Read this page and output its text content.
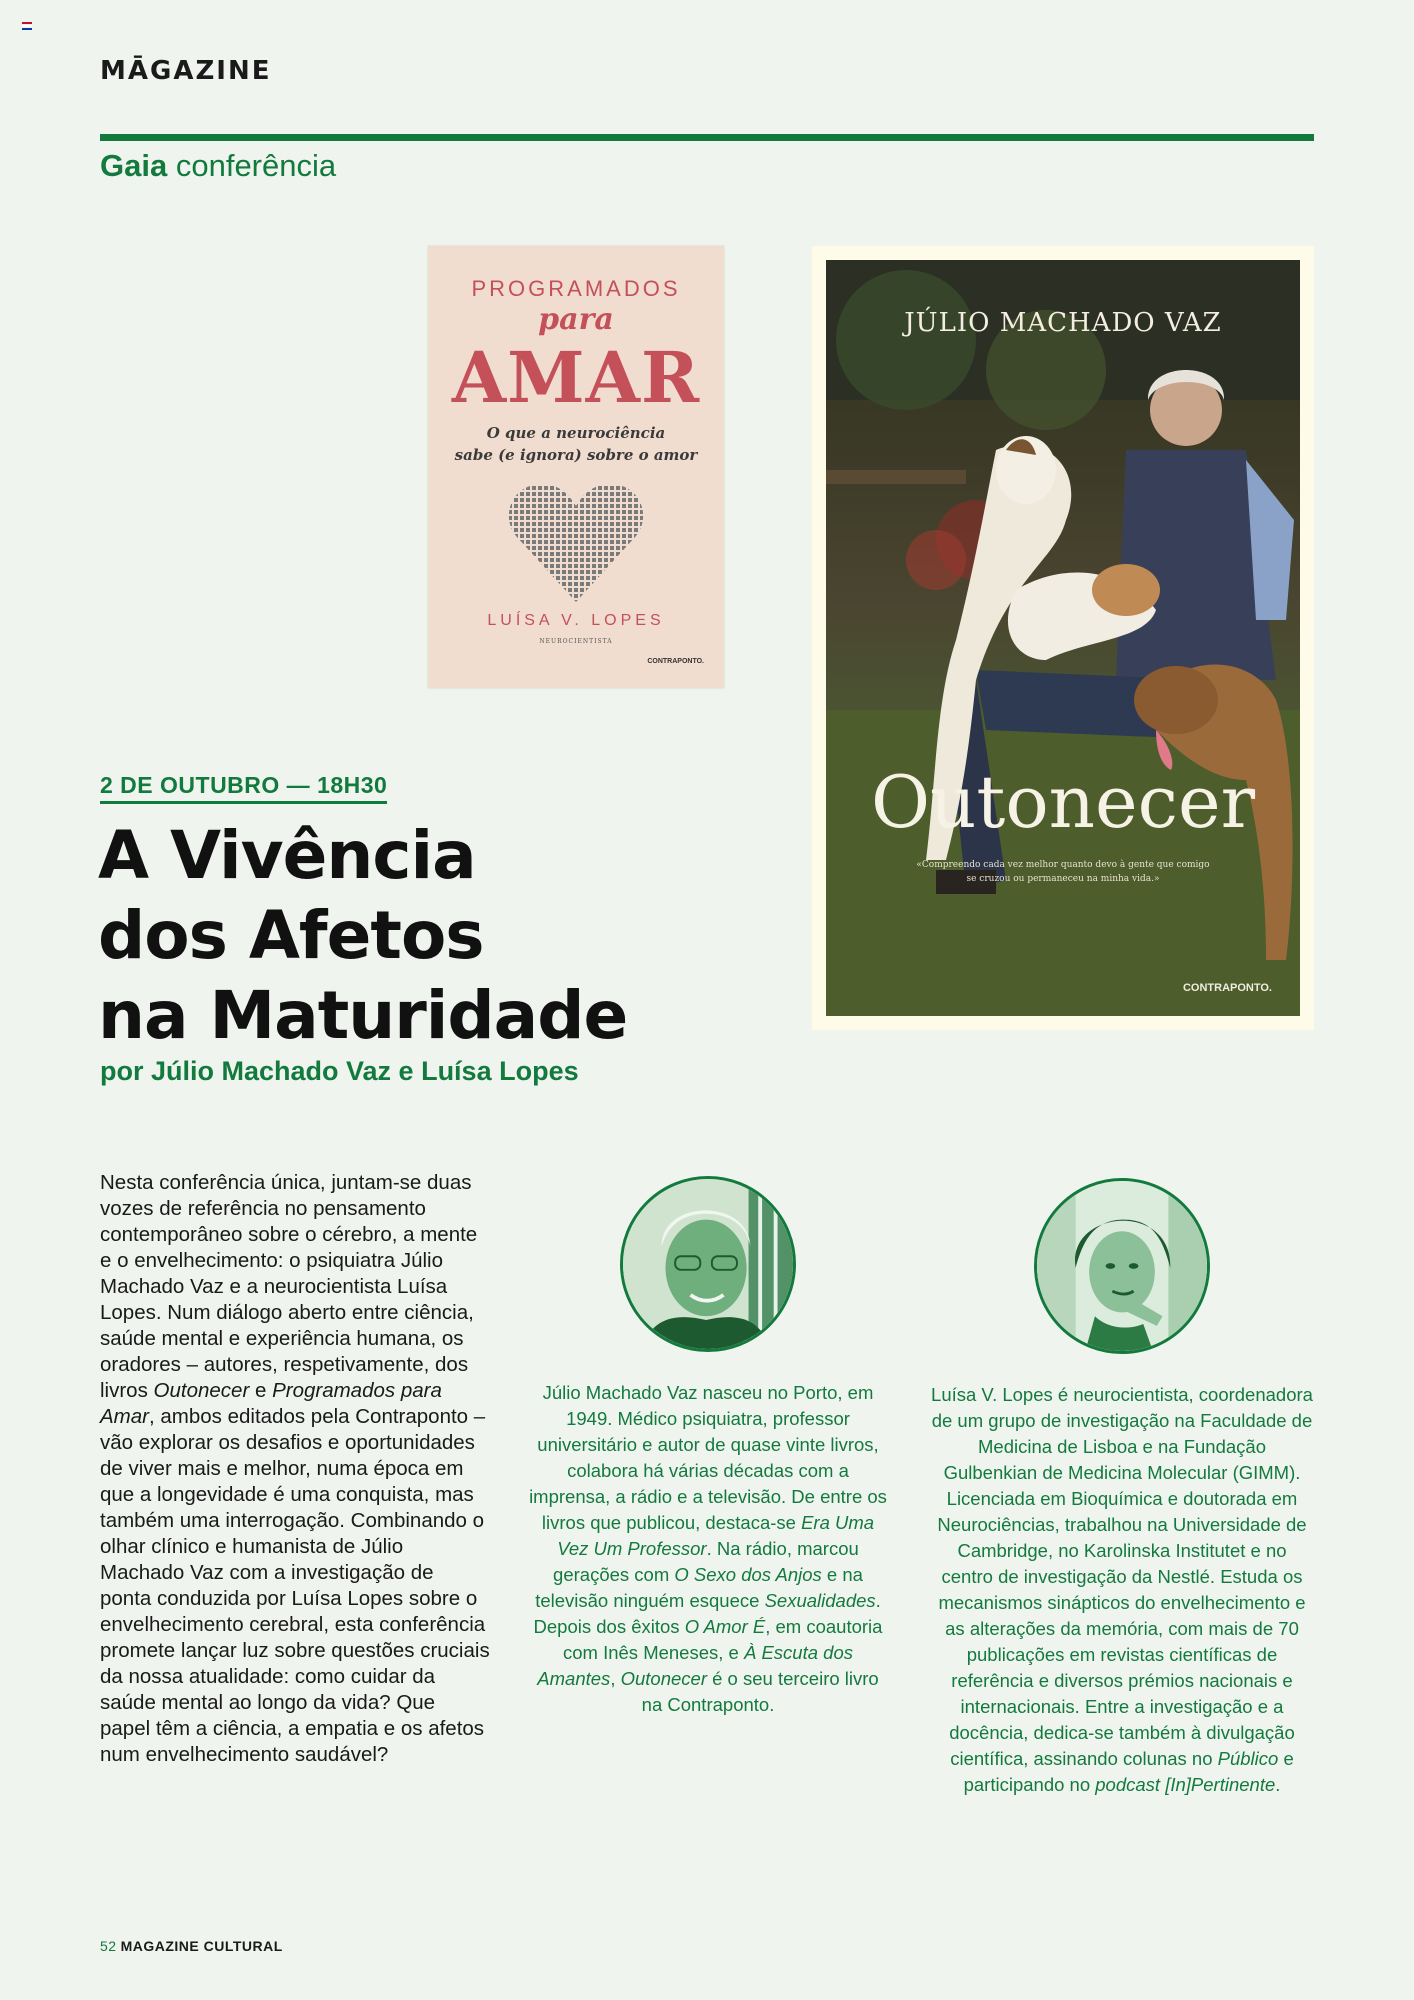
MĀGAZINE
Gaia conferência
PROGRAMADOS
para
AMAR
O que a neurociência
sabe (e ignora) sobre o amor
LUÍSA V. LOPES
NEUROCIENTISTA
CONTRAPONTO.
JÚLIO MACHADO VAZ
Outonecer
«Compreendo cada vez melhor quanto devo à gente que comigo se cruzou ou permaneceu na minha vida.»
CONTRAPONTO.
2 DE OUTUBRO — 18H30
A Vivência
dos Afetos
na Maturidade
por Júlio Machado Vaz e Luísa Lopes
Nesta conferência única, juntam-se duas vozes de referência no pensamento contemporâneo sobre o cérebro, a mente e o envelhecimento: o psiquiatra Júlio Machado Vaz e a neurocientista Luísa Lopes. Num diálogo aberto entre ciência, saúde mental e experiência humana, os oradores – autores, respetivamente, dos livros Outonecer e Programados para Amar, ambos editados pela Contraponto – vão explorar os desafios e oportunidades de viver mais e melhor, numa época em que a longevidade é uma conquista, mas também uma interrogação. Combinando o olhar clínico e humanista de Júlio Machado Vaz com a investigação de ponta conduzida por Luísa Lopes sobre o envelhecimento cerebral, esta conferência promete lançar luz sobre questões cruciais da nossa atualidade: como cuidar da saúde mental ao longo da vida? Que papel têm a ciência, a empatia e os afetos num envelhecimento saudável?
Júlio Machado Vaz nasceu no Porto, em 1949. Médico psiquiatra, professor universitário e autor de quase vinte livros, colabora há várias décadas com a imprensa, a rádio e a televisão. De entre os livros que publicou, destaca-se Era Uma Vez Um Professor. Na rádio, marcou gerações com O Sexo dos Anjos e na televisão ninguém esquece Sexualidades. Depois dos êxitos O Amor É, em coautoria com Inês Meneses, e À Escuta dos Amantes, Outonecer é o seu terceiro livro na Contraponto.
Luísa V. Lopes é neurocientista, coordenadora de um grupo de investigação na Faculdade de Medicina de Lisboa e na Fundação Gulbenkian de Medicina Molecular (GIMM). Licenciada em Bioquímica e doutorada em Neurociências, trabalhou na Universidade de Cambridge, no Karolinska Institutet e no centro de investigação da Nestlé. Estuda os mecanismos sinápticos do envelhecimento e as alterações da memória, com mais de 70 publicações em revistas científicas de referência e diversos prémios nacionais e internacionais. Entre a investigação e a docência, dedica-se também à divulgação científica, assinando colunas no Público e participando no podcast [In]Pertinente.
52 MAGAZINE CULTURAL
